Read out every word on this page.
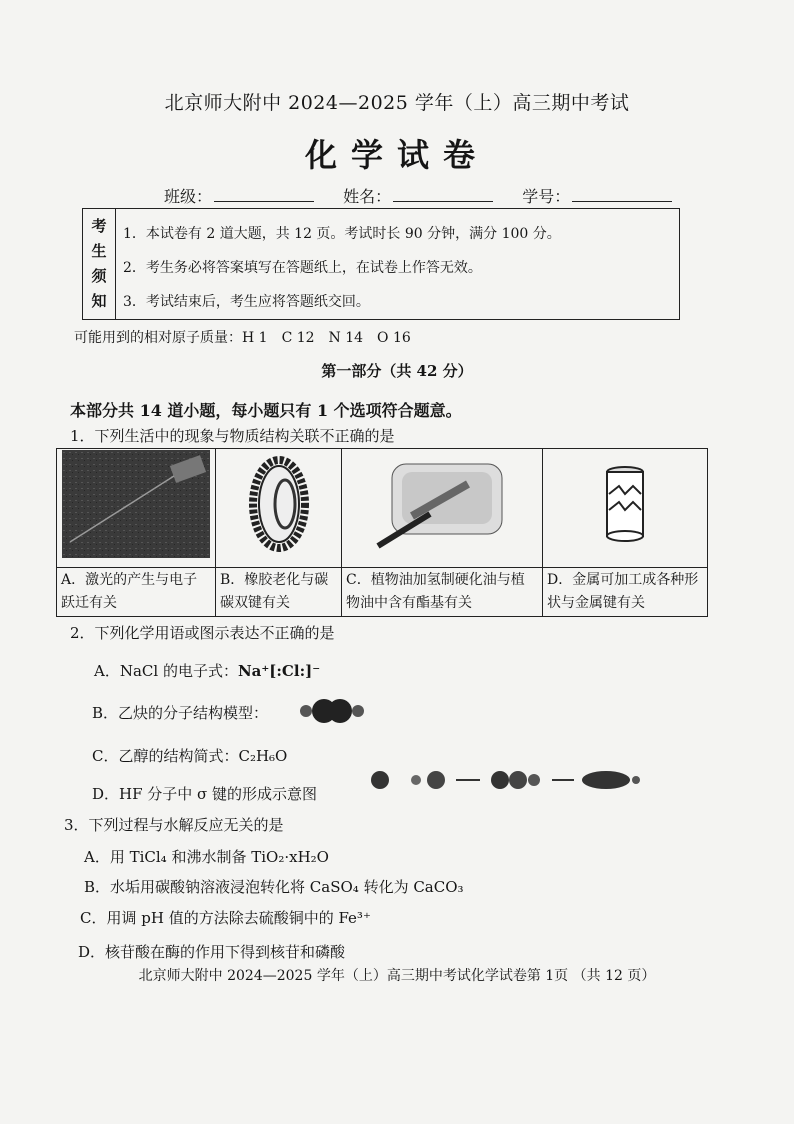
北京师大附中 2024—2025 学年（上）高三期中考试
化学试卷
班级：	姓名：	学号：
考
生
须
知
1．本试卷有 2 道大题，共 12 页。考试时长 90 分钟，满分 100 分。
2．考生务必将答案填写在答题纸上，在试卷上作答无效。
3．考试结束后，考生应将答题纸交回。
可能用到的相对原子质量：H 1　C 12　N 14　O 16
第一部分（共 42 分）
本部分共 14 道小题，每小题只有 1 个选项符合题意。
1．下列生活中的现象与物质结构关联不正确的是

A．激光的产生与电子跃迁有关	B．橡胶老化与碳碳双键有关	C．植物油加氢制硬化油与植物油中含有酯基有关	D．金属可加工成各种形状与金属键有关
2．下列化学用语或图示表达不正确的是
A．NaCl 的电子式：Na⁺[:Cl:]⁻
B．乙炔的分子结构模型：
C．乙醇的结构简式：C₂H₆O
D．HF 分子中 σ 键的形成示意图
3．下列过程与水解反应无关的是
A．用 TiCl₄ 和沸水制备 TiO₂·xH₂O
B．水垢用碳酸钠溶液浸泡转化将 CaSO₄ 转化为 CaCO₃
C．用调 pH 值的方法除去硫酸铜中的 Fe³⁺
D．核苷酸在酶的作用下得到核苷和磷酸
北京师大附中 2024—2025 学年（上）高三期中考试化学试卷第 1页 （共 12 页）
